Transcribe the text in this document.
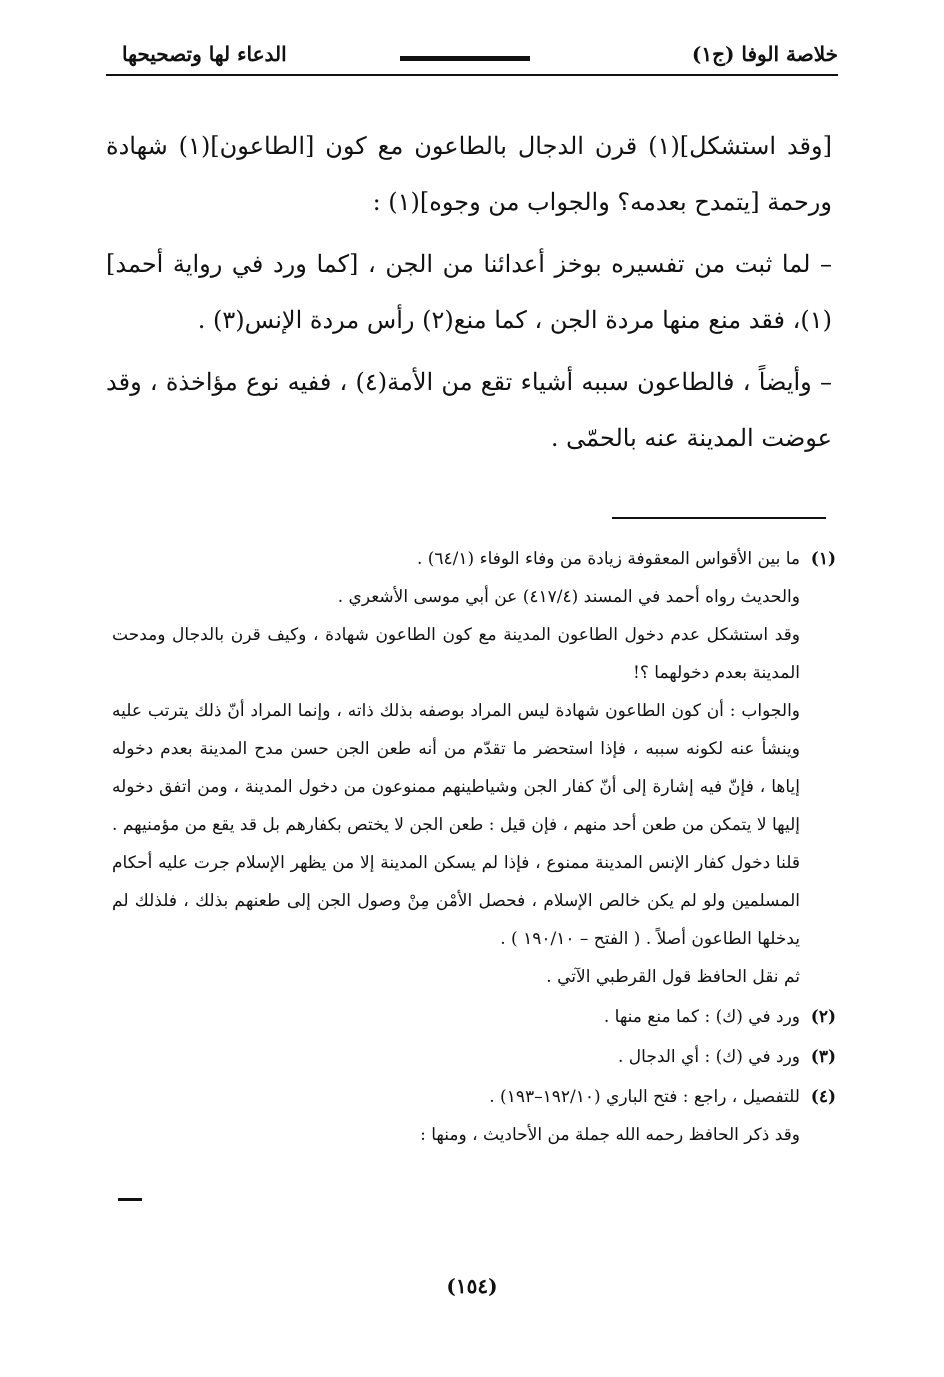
خلاصة الوفا (ج١)
الدعاء لها وتصحيحها

[وقد استشكل](١) قرن الدجال بالطاعون مع كون [الطاعون](١) شهادة ورحمة [يتمدح بعدمه؟ والجواب من وجوه](١) :

– لما ثبت من تفسيره بوخز أعدائنا من الجن ، [كما ورد في رواية أحمد](١)، فقد منع منها مردة الجن ، كما منع(٢) رأس مردة الإنس(٣) .

– وأيضاً ، فالطاعون سببه أشياء تقع من الأمة(٤) ، ففيه نوع مؤاخذة ، وقد عوضت المدينة عنه بالحمّى .

(١)

ما بين الأقواس المعقوفة زيادة من وفاء الوفاء (٦٤/١) .

والحديث رواه أحمد في المسند (٤١٧/٤) عن أبي موسى الأشعري .

وقد استشكل عدم دخول الطاعون المدينة مع كون الطاعون شهادة ، وكيف قرن بالدجال ومدحت المدينة بعدم دخولهما ؟!

والجواب : أن كون الطاعون شهادة ليس المراد بوصفه بذلك ذاته ، وإنما المراد أنّ ذلك يترتب عليه وينشأ عنه لكونه سببه ، فإذا استحضر ما تقدّم من أنه طعن الجن حسن مدح المدينة بعدم دخوله إياها ، فإنّ فيه إشارة إلى أنّ كفار الجن وشياطينهم ممنوعون من دخول المدينة ، ومن اتفق دخوله إليها لا يتمكن من طعن أحد منهم ، فإن قيل : طعن الجن لا يختص بكفارهم بل قد يقع من مؤمنيهم . قلنا دخول كفار الإنس المدينة ممنوع ، فإذا لم يسكن المدينة إلا من يظهر الإسلام جرت عليه أحكام المسلمين ولو لم يكن خالص الإسلام ، فحصل الأمْن مِنْ وصول الجن إلى طعنهم بذلك ، فلذلك لم يدخلها الطاعون أصلاً . ( الفتح – ١٩٠/١٠ ) .

ثم نقل الحافظ قول القرطبي الآتي .

(٢)

ورد في (ك) : كما منع منها .

(٣)

ورد في (ك) : أي الدجال .

(٤)

للتفصيل ، راجع : فتح الباري (١٩٢/١٠–١٩٣) .

وقد ذكر الحافظ رحمه الله جملة من الأحاديث ، ومنها :

(١٥٤)
